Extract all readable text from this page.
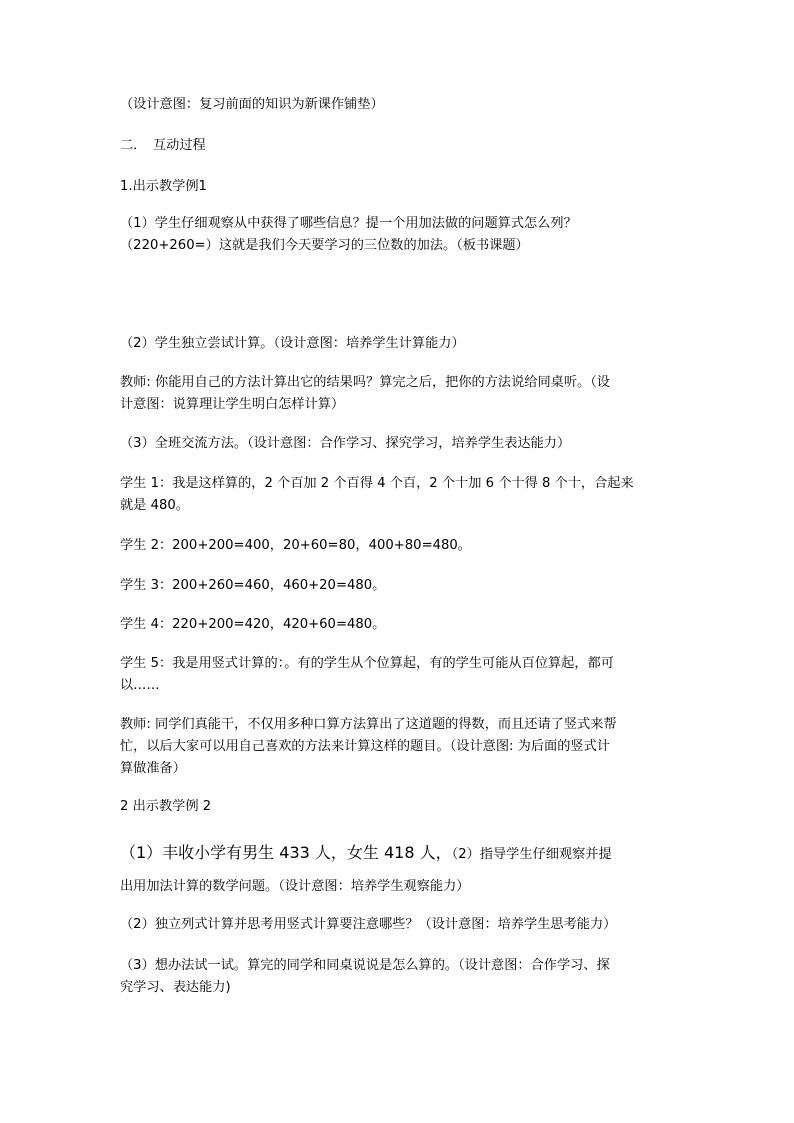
（设计意图：复习前面的知识为新课作铺垫）
二．　互动过程
1.出示教学例1
（1）学生仔细观察从中获得了哪些信息？提一个用加法做的问题算式怎么列？
（220+260=）这就是我们今天要学习的三位数的加法。（板书课题）
（2）学生独立尝试计算。（设计意图：培养学生计算能力）
教师: 你能用自己的方法计算出它的结果吗？算完之后，把你的方法说给同桌听。（设
计意图：说算理让学生明白怎样计算）
（3）全班交流方法。（设计意图：合作学习、探究学习，培养学生表达能力）
学生 1：我是这样算的，2 个百加 2 个百得 4 个百，2 个十加 6 个十得 8 个十，合起来
就是 480。
学生 2：200+200=400，20+60=80，400+80=480。
学生 3：200+260=460，460+20=480。
学生 4：220+200=420，420+60=480。
学生 5：我是用竖式计算的：。有的学生从个位算起，有的学生可能从百位算起，都可
以……
教师: 同学们真能干，不仅用多种口算方法算出了这道题的得数，而且还请了竖式来帮
忙，以后大家可以用自己喜欢的方法来计算这样的题目。（设计意图: 为后面的竖式计
算做准备）
2 出示教学例 2
（1）丰收小学有男生 433 人，女生 418 人，（2）指导学生仔细观察并提
出用加法计算的数学问题。（设计意图：培养学生观察能力）
（2）独立列式计算并思考用竖式计算要注意哪些？（设计意图：培养学生思考能力）
（3）想办法试一试。算完的同学和同桌说说是怎么算的。（设计意图：合作学习、探
究学习、表达能力)
